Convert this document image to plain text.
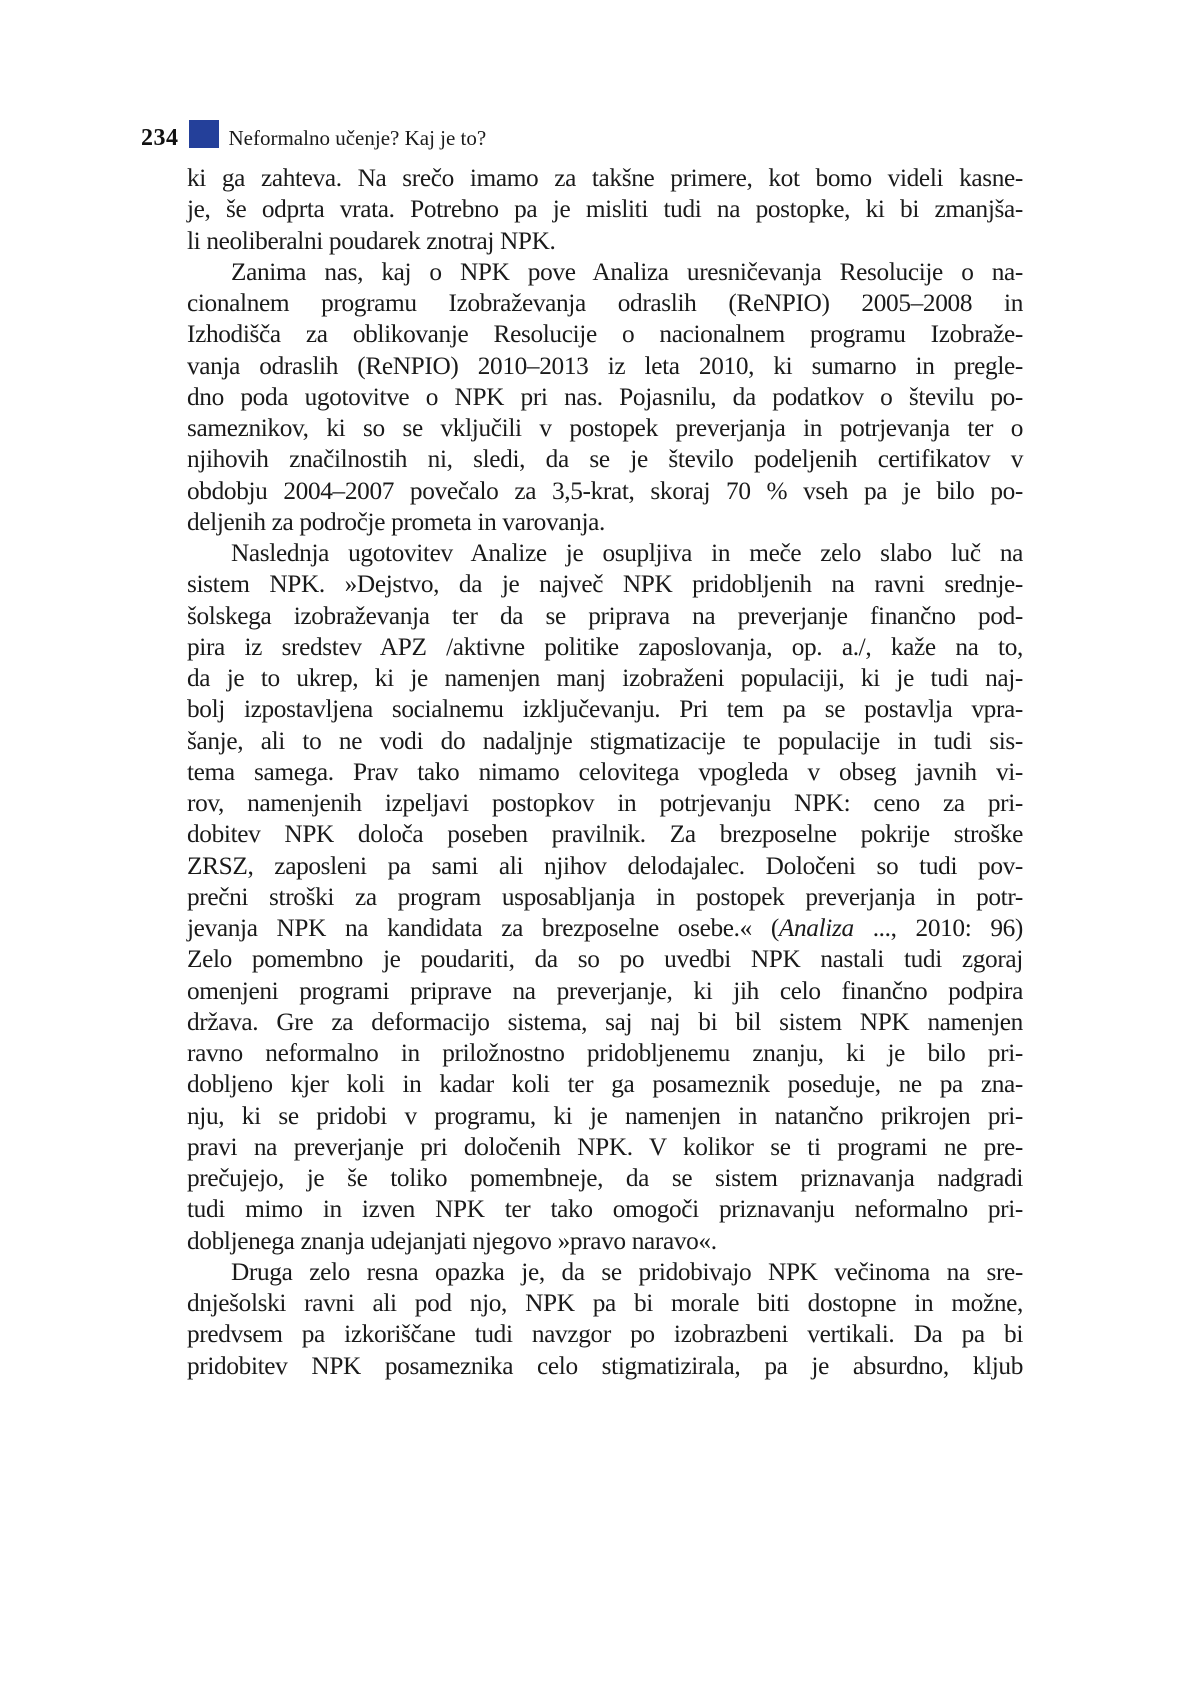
234 Neformalno učenje? Kaj je to?
ki ga zahteva. Na srečo imamo za takšne primere, kot bomo videli kasne-
je, še odprta vrata. Potrebno pa je misliti tudi na postopke, ki bi zmanjša-
li neoliberalni poudarek znotraj NPK.
Zanima nas, kaj o NPK pove Analiza uresničevanja Resolucije o na-
cionalnem programu Izobraževanja odraslih (ReNPIO) 2005–2008 in
Izhodišča za oblikovanje Resolucije o nacionalnem programu Izobraže-
vanja odraslih (ReNPIO) 2010–2013 iz leta 2010, ki sumarno in pregle-
dno poda ugotovitve o NPK pri nas. Pojasnilu, da podatkov o številu po-
sameznikov, ki so se vključili v postopek preverjanja in potrjevanja ter o
njihovih značilnostih ni, sledi, da se je število podeljenih certifikatov v
obdobju 2004–2007 povečalo za 3,5-krat, skoraj 70 % vseh pa je bilo po-
deljenih za področje prometa in varovanja.
Naslednja ugotovitev Analize je osupljiva in meče zelo slabo luč na
sistem NPK. »Dejstvo, da je največ NPK pridobljenih na ravni srednje-
šolskega izobraževanja ter da se priprava na preverjanje finančno pod-
pira iz sredstev APZ /aktivne politike zaposlovanja, op. a./, kaže na to,
da je to ukrep, ki je namenjen manj izobraženi populaciji, ki je tudi naj-
bolj izpostavljena socialnemu izključevanju. Pri tem pa se postavlja vpra-
šanje, ali to ne vodi do nadaljnje stigmatizacije te populacije in tudi sis-
tema samega. Prav tako nimamo celovitega vpogleda v obseg javnih vi-
rov, namenjenih izpeljavi postopkov in potrjevanju NPK: ceno za pri-
dobitev NPK določa poseben pravilnik. Za brezposelne pokrije stroške
ZRSZ, zaposleni pa sami ali njihov delodajalec. Določeni so tudi pov-
prečni stroški za program usposabljanja in postopek preverjanja in potr-
jevanja NPK na kandidata za brezposelne osebe.« (Analiza ..., 2010: 96)
Zelo pomembno je poudariti, da so po uvedbi NPK nastali tudi zgoraj
omenjeni programi priprave na preverjanje, ki jih celo finančno podpira
država. Gre za deformacijo sistema, saj naj bi bil sistem NPK namenjen
ravno neformalno in priložnostno pridobljenemu znanju, ki je bilo pri-
dobljeno kjer koli in kadar koli ter ga posameznik poseduje, ne pa zna-
nju, ki se pridobi v programu, ki je namenjen in natančno prikrojen pri-
pravi na preverjanje pri določenih NPK. V kolikor se ti programi ne pre-
prečujejo, je še toliko pomembneje, da se sistem priznavanja nadgradi
tudi mimo in izven NPK ter tako omogoči priznavanju neformalno pri-
dobljenega znanja udejanjati njegovo »pravo naravo«.
Druga zelo resna opazka je, da se pridobivajo NPK večinoma na sre-
dnješolski ravni ali pod njo, NPK pa bi morale biti dostopne in možne,
predvsem pa izkoriščane tudi navzgor po izobrazbeni vertikali. Da pa bi
pridobitev NPK posameznika celo stigmatizirala, pa je absurdno, kljub
